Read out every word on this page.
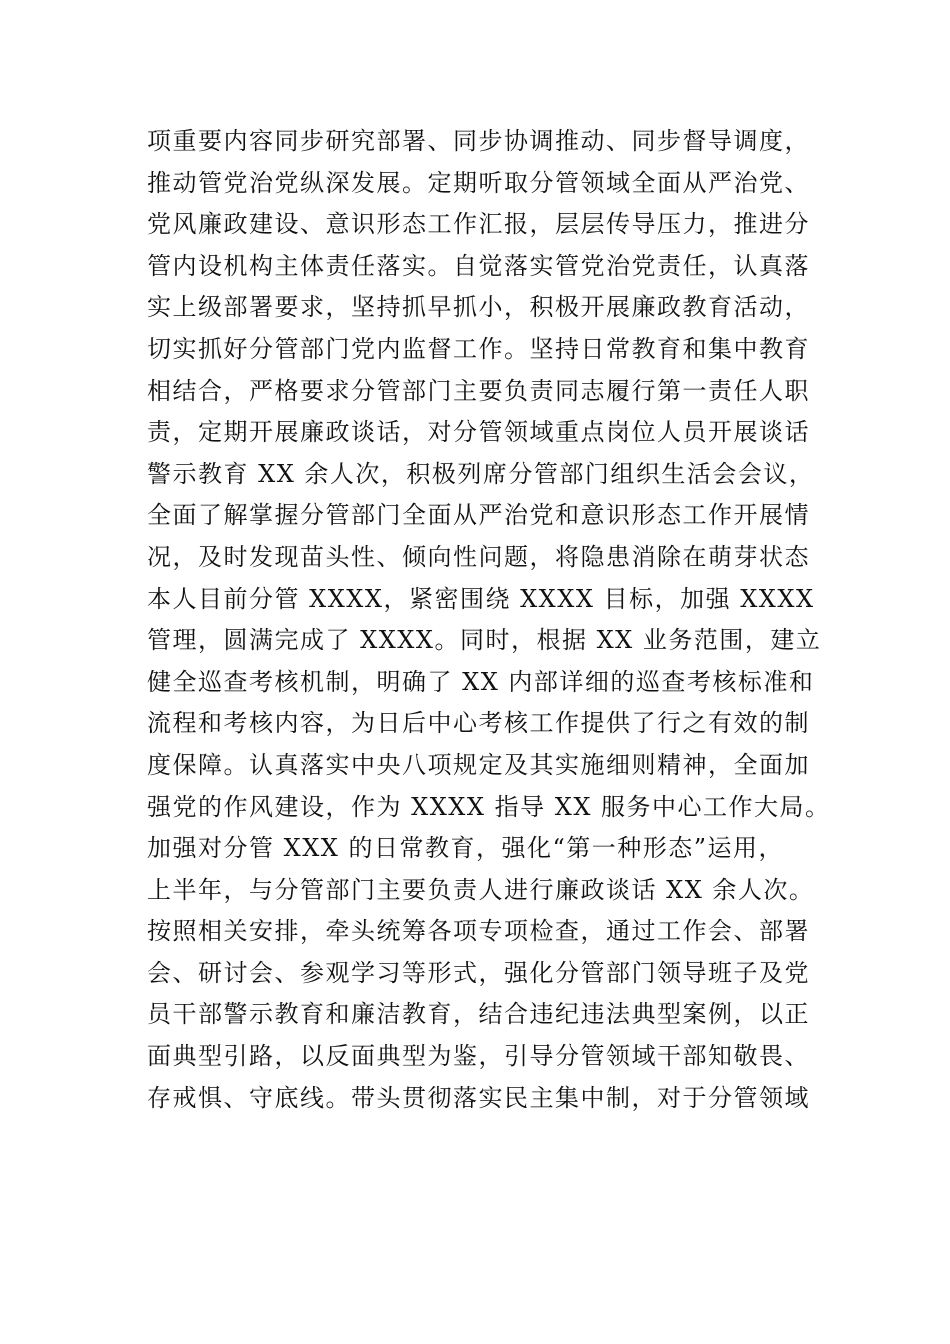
项重要内容同步研究部署、同步协调推动、同步督导调度，
推动管党治党纵深发展。定期听取分管领域全面从严治党、
党风廉政建设、意识形态工作汇报，层层传导压力，推进分
管内设机构主体责任落实。自觉落实管党治党责任，认真落
实上级部署要求，坚持抓早抓小，积极开展廉政教育活动，
切实抓好分管部门党内监督工作。坚持日常教育和集中教育
相结合，严格要求分管部门主要负责同志履行第一责任人职
责，定期开展廉政谈话，对分管领域重点岗位人员开展谈话
警示教育 XX 余人次，积极列席分管部门组织生活会会议，
全面了解掌握分管部门全面从严治党和意识形态工作开展情
况，及时发现苗头性、倾向性问题，将隐患消除在萌芽状态
本人目前分管 XXXX，紧密围绕 XXXX 目标，加强 XXXX
管理，圆满完成了 XXXX。同时，根据 XX 业务范围，建立
健全巡查考核机制，明确了 XX 内部详细的巡查考核标准和
流程和考核内容，为日后中心考核工作提供了行之有效的制
度保障。认真落实中央八项规定及其实施细则精神，全面加
强党的作风建设，作为 XXXX 指导 XX 服务中心工作大局。
加强对分管 XXX 的日常教育，强化“第一种形态”运用，
上半年，与分管部门主要负责人进行廉政谈话 XX 余人次。
按照相关安排，牵头统筹各项专项检查，通过工作会、部署
会、研讨会、参观学习等形式，强化分管部门领导班子及党
员干部警示教育和廉洁教育，结合违纪违法典型案例，以正
面典型引路，以反面典型为鉴，引导分管领域干部知敬畏、
存戒惧、守底线。带头贯彻落实民主集中制，对于分管领域
